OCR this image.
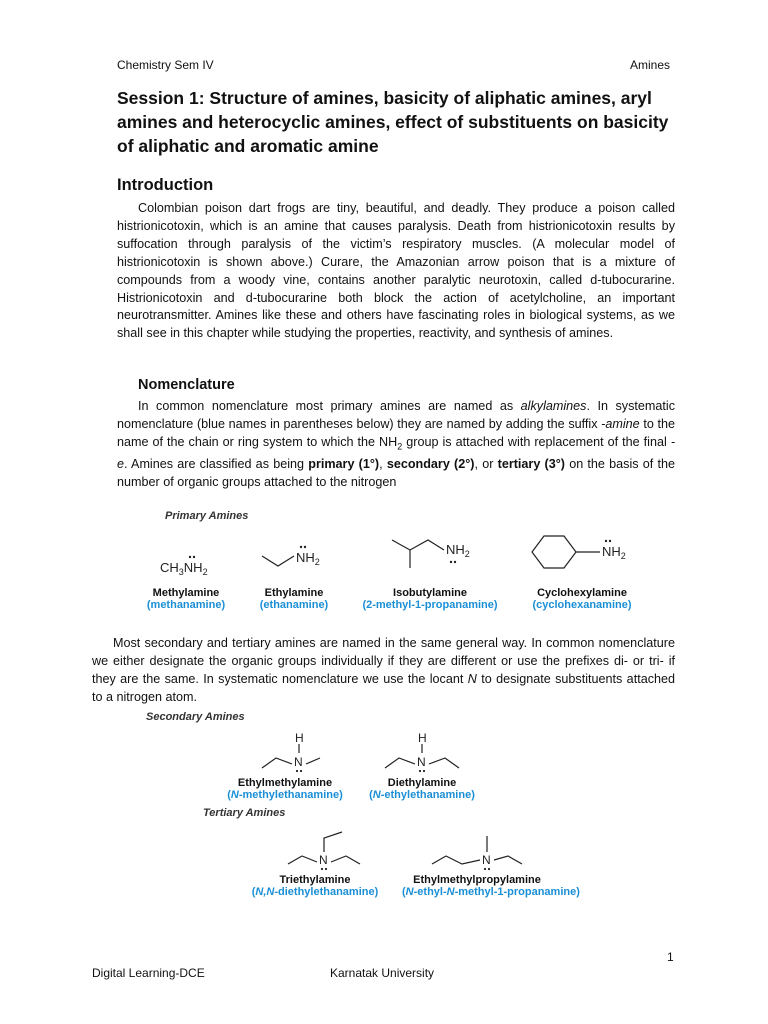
Chemistry Sem IV	Amines
Session 1: Structure of amines, basicity of aliphatic amines, aryl amines and heterocyclic amines, effect of substituents on basicity of aliphatic and aromatic amine
Introduction

Colombian poison dart frogs are tiny, beautiful, and deadly. They produce a poison called histrionicotoxin, which is an amine that causes paralysis. Death from histrionicotoxin results by suffocation through paralysis of the victim’s respiratory muscles. (A molecular model of histrionicotoxin is shown above.) Curare, the Amazonian arrow poison that is a mixture of compounds from a woody vine, contains another paralytic neurotoxin, called d-tubocurarine. Histrionicotoxin and d-tubocurarine both block the action of acetylcholine, an important neurotransmitter. Amines like these and others have fascinating roles in biological systems, as we shall see in this chapter while studying the properties, reactivity, and synthesis of amines.

Nomenclature

In common nomenclature most primary amines are named as alkylamines. In systematic nomenclature (blue names in parentheses below) they are named by adding the suffix -amine to the name of the chain or ring system to which the $NH_2$ group is attached with replacement of the final -e. Amines are classified as being primary (1°), secondary (2°), or tertiary (3°) on the basis of the number of organic groups attached to the nitrogen

Primary Amines
$CH_3NH_2$
$NH_2$
$NH_2$	$NH_2$
Methylamine
(methanamine)
Ethylamine
(ethanamine)
Isobutylamine
(2-methyl-1-propanamine)
Cyclohexylamine
(cyclohexanamine)

Most secondary and tertiary amines are named in the same general way. In common nomenclature we either designate the organic groups individually if they are different or use the prefixes di- or tri- if they are the same. In systematic nomenclature we use the locant N to designate substituents attached to a nitrogen atom.

Secondary Amines
H
N
H
N
Ethylmethylamine
(N-methylethanamine)
Diethylamine
(N-ethylethanamine)
Tertiary Amines
N	N
Triethylamine
(N,N-diethylethanamine)
Ethylmethylpropylamine
(N-ethyl-N-methyl-1-propanamine)
1
Digital Learning-DCE	Karnatak University
